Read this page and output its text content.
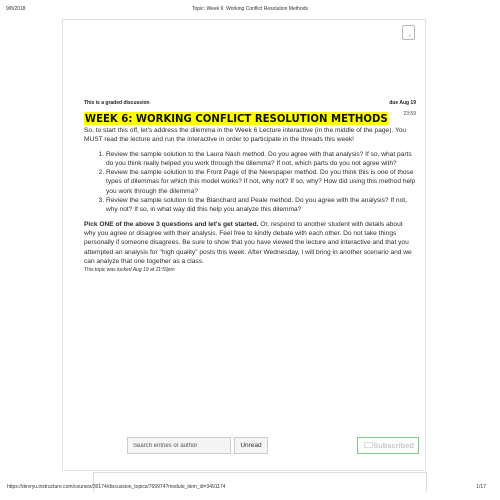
9/8/2018	Topic: Week 6: Working Conflict Resolution Methods
⌄
This is a graded discussion	due Aug 19
WEEK 6: WORKING CONFLICT RESOLUTION METHODS	23:59

So, to start this off, let's address the dilemma in the Week 6 Lecture interactive (in the middle of the page). You MUST read the lecture and run the interactive in order to participate in the threads this week!

1. Review the sample solution to the Laura Nash method. Do you agree with that analysis? If so, what parts do you think really helped you work through the dilemma? If not, which parts do you not agree with?
2. Review the sample solution to the Front Page of the Newspaper method. Do you think this is one of those types of dilemmas for which this model works? If not, why not? If so, why? How did using this method help you work through the dilemma?
3. Review the sample solution to the Blanchard and Peale method. Do you agree with the analysis? If not, why not? If so, in what way did this help you analyze this dilemma?

Pick ONE of the above 3 questions and let's get started. Or, respond to another student with details about why you agree or disagree with their analysis. Feel free to kindly debate with each other. Do not take things personally if someone disagrees. Be sure to show that you have viewed the lecture and interactive and that you attempted an analysis for "high quality" posts this week. After Wednesday, I will bring in another scenario and we can analyze that one together as a class.

This topic was locked Aug 19 at 11:59pm
Search entries or author
Unread	Subscribed
https://devryu.instructure.com/courses/30174/discussion_topics/769974?module_item_id=3491174	1/17
